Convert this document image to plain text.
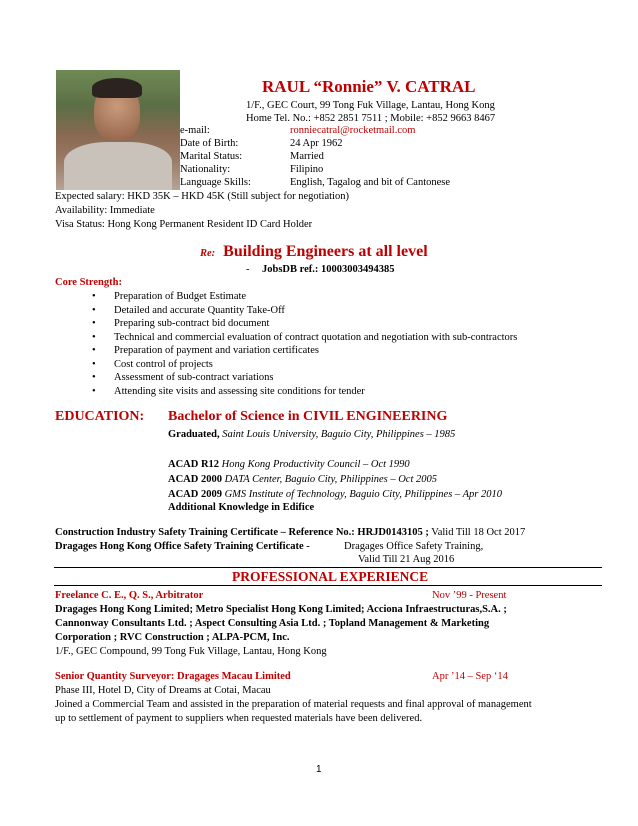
RAUL “Ronnie” V. CATRAL
1/F., GEC Court, 99 Tong Fuk Village, Lantau, Hong Kong
Home Tel. No.: +852 2851 7511 ; Mobile: +852 9663 8467
e-mail:	ronniecatral@rocketmail.com
Date of Birth:	24 Apr 1962
Marital Status:	Married
Nationality:	Filipino
Language Skills:	English, Tagalog and bit of Cantonese
Expected salary: HKD 35K – HKD 45K (Still subject for negotiation)
Availability: Immediate
Visa Status: Hong Kong Permanent Resident ID Card Holder
Re: Building Engineers at all level
- JobsDB ref.: 10003003494385
Core Strength:
• Preparation of Budget Estimate
• Detailed and accurate Quantity Take-Off
• Preparing sub-contract bid document
• Technical and commercial evaluation of contract quotation and negotiation with sub-contractors
• Preparation of payment and variation certificates
• Cost control of projects
• Assessment of sub-contract variations
• Attending site visits and assessing site conditions for tender
EDUCATION: Bachelor of Science in CIVIL ENGINEERING
Graduated, Saint Louis University, Baguio City, Philippines – 1985
ACAD R12 Hong Kong Productivity Council – Oct 1990
ACAD 2000 DATA Center, Baguio City, Philippines – Oct 2005
ACAD 2009 GMS Institute of Technology, Baguio City, Philippines – Apr 2010
Additional Knowledge in Edifice
Construction Industry Safety Training Certificate – Reference No.: HRJD0143105 ; Valid Till 18 Oct 2017
Dragages Hong Kong Office Safety Training Certificate -	Dragages Office Safety Training,
Valid Till 21 Aug 2016
PROFESSIONAL EXPERIENCE
Freelance C. E., Q. S., Arbitrator	Nov ’99 - Present
Dragages Hong Kong Limited; Metro Specialist Hong Kong Limited; Acciona Infraestructuras,S.A. ;
Cannonway Consultants Ltd. ; Aspect Consulting Asia Ltd. ; Topland Management & Marketing
Corporation ; RVC Construction ; ALPA-PCM, Inc.
1/F., GEC Compound, 99 Tong Fuk Village, Lantau, Hong Kong
Senior Quantity Surveyor: Dragages Macau Limited	Apr ’14 – Sep ‘14
Phase III, Hotel D, City of Dreams at Cotai, Macau
Joined a Commercial Team and assisted in the preparation of material requests and final approval of management
up to settlement of payment to suppliers when requested materials have been delivered.
1
